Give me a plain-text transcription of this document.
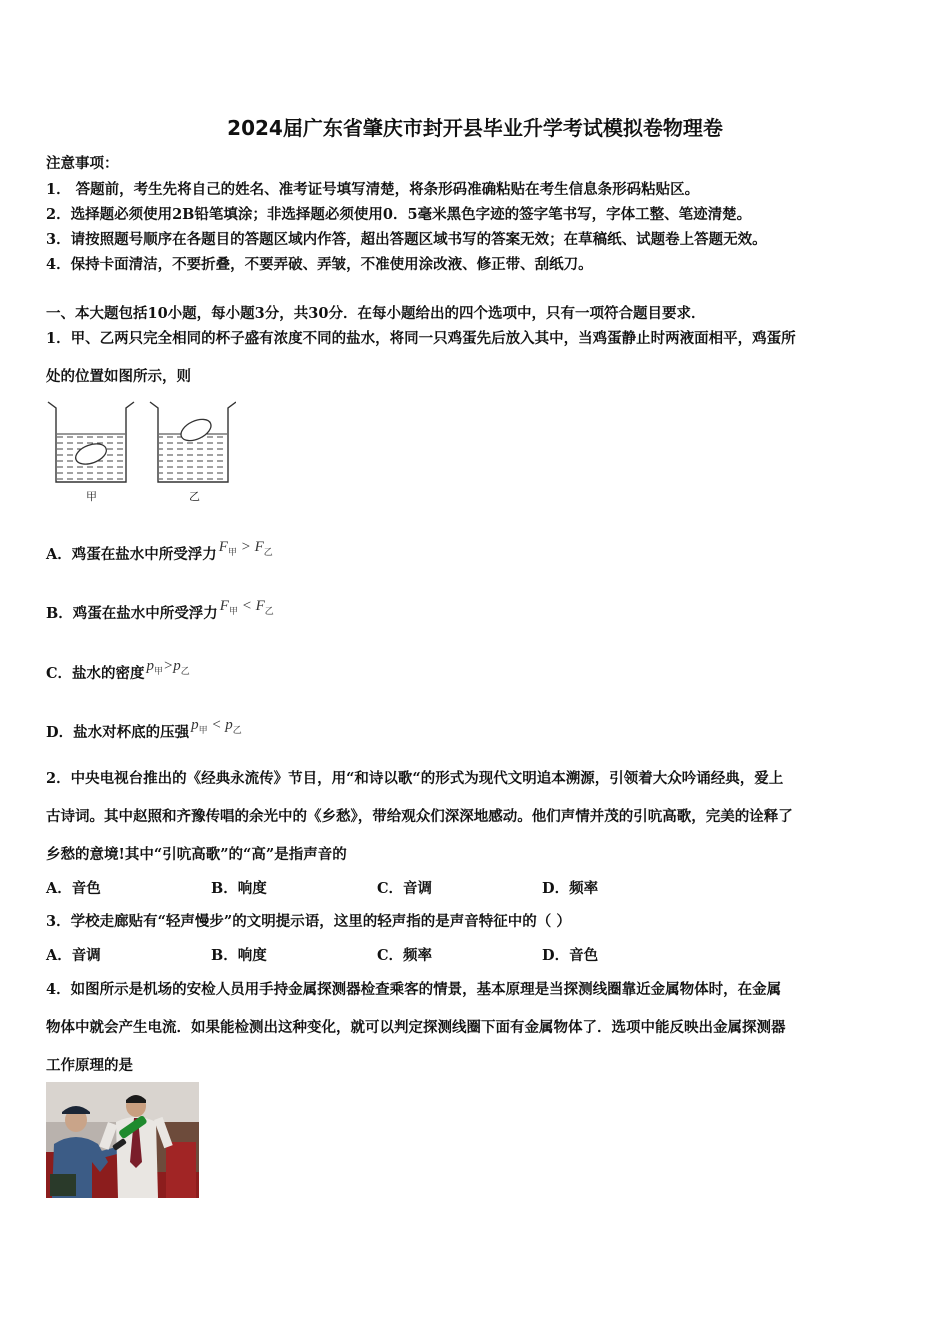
2024届广东省肇庆市封开县毕业升学考试模拟卷物理卷
注意事项：
1． 答题前，考生先将自己的姓名、准考证号填写清楚，将条形码准确粘贴在考生信息条形码粘贴区。
2．选择题必须使用2B铅笔填涂；非选择题必须使用0．5毫米黑色字迹的签字笔书写，字体工整、笔迹清楚。
3．请按照题号顺序在各题目的答题区域内作答，超出答题区域书写的答案无效；在草稿纸、试题卷上答题无效。
4．保持卡面清洁，不要折叠，不要弄破、弄皱，不准使用涂改液、修正带、刮纸刀。
一、本大题包括10小题，每小题3分，共30分．在每小题给出的四个选项中，只有一项符合题目要求．
1．甲、乙两只完全相同的杯子盛有浓度不同的盐水，将同一只鸡蛋先后放入其中，当鸡蛋静止时两液面相平，鸡蛋所
处的位置如图所示，则
甲	乙
A．鸡蛋在盐水中所受浮力 $F_甲 > F_乙$
B．鸡蛋在盐水中所受浮力 $F_甲 < F_乙$
C．盐水的密度 $p_甲>p_乙$
D．盐水对杯底的压强 $p_甲 < p_乙$
2．中央电视台推出的《经典永流传》节目，用“和诗以歌“的形式为现代文明追本溯源，引领着大众吟诵经典，爱上
古诗词。其中赵照和齐豫传唱的余光中的《乡愁》，带给观众们深深地感动。他们声情并茂的引吭高歌，完美的诠释了
乡愁的意境!其中“引吭高歌”的“高”是指声音的
A．音色	B．响度	C．音调	D．频率
3．学校走廊贴有“轻声慢步”的文明提示语，这里的轻声指的是声音特征中的（ ）
A．音调	B．响度	C．频率	D．音色
4．如图所示是机场的安检人员用手持金属探测器检查乘客的情景，基本原理是当探测线圈靠近金属物体时，在金属
物体中就会产生电流．如果能检测出这种变化，就可以判定探测线圈下面有金属物体了．选项中能反映出金属探测器
工作原理的是
